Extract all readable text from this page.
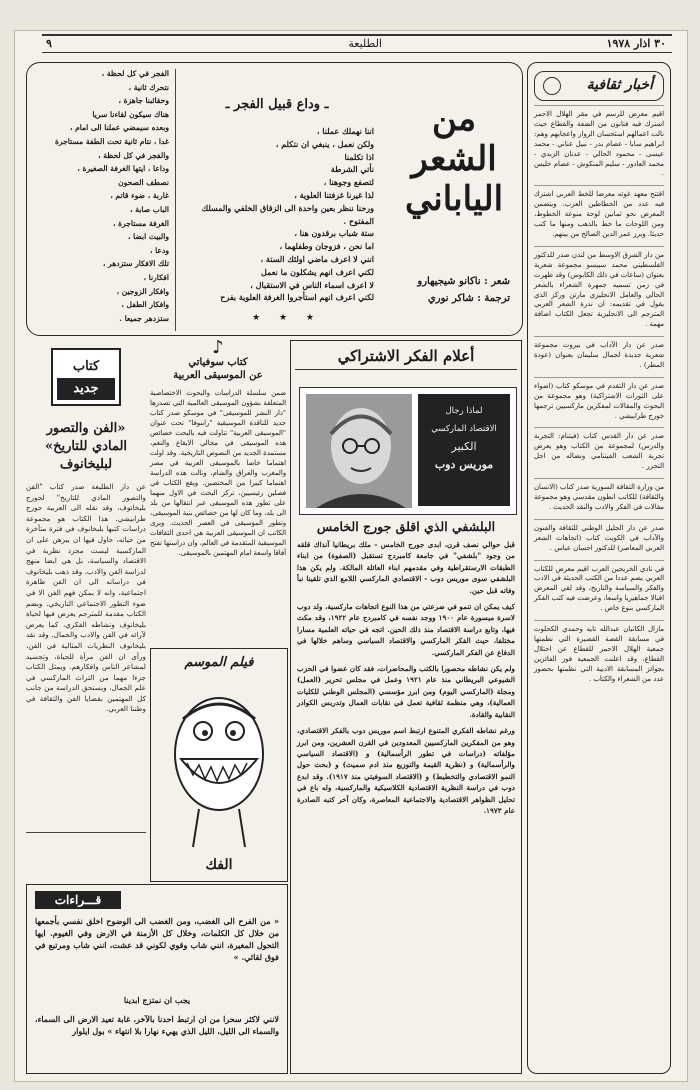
٣٠ اذار ١٩٧٨
الطليعة
٩
أخبار ثقافية
اقيم معرض للرسم في مقر الهلال الاحمر اشترك فيه فنانون من الضفة والقطاع حيث نالت اعمالهم استحسان الزوار واعجابهم وهم: ابراهيم سابا - عصام بدر - نبيل عناني - محمد عيسى - محمود الحالي - عدنان الزبدي - محمد العادور - سليم المنكوش - عصام خليس .
افتتح معهد غوته معرضا للخط العربي اشترك فيه عدد من الخطاطين العرب. ويتضمن المعرض نحو ثمانين لوحة منوعة الخطوط، ومن اللوحات ما خط بالذهب ومنها ما كتب حديثا. وبرز عمر الدين الصالح من بينهم.
من دار الشرق الاوسط من لندن صدر للدكتور الفلسطيني محمد سيبسو مجموعة شعرية بعنوان (ساعات في ذلك الكابوس) وقد ظهرت في زمن تسميه جمهرة الشعراء بالشعر الحالي والعامل الانجليزي مارتن وركز الذي يقول في تقديمه: ان ندرة الشعر العربي المترجم الى الانجليزية تجعل الكتاب اضافة مهمة .
صدر عن دار الآداب في بيروت مجموعة شعرية جديدة لجمال سليمان بعنوان (عودة المطر) .
صدر عن دار التقدم في موسكو كتاب (اضواء على الثورات الاشتراكية) وهو مجموعة من البحوث والمقالات لمفكرين ماركسيين ترجمها جورج طرابيشي .
صدر عن دار القدس كتاب (فيتنام: التجربة والدرس) لمجموعة من الكتاب وهو يعرض تجربة الشعب الفيتنامي ونضاله من اجل التحرر .
من وزارة الثقافة السورية صدر كتاب (الانسان والثقافة) للكاتب انطون مقدسي وهو مجموعة مقالات في الفكر والادب والنقد الحديث .
صدر عن دار الجليل الوطني للثقافة والفنون والآداب في الكويت كتاب (اتجاهات الشعر العربي المعاصر) للدكتور احسان عباس .
في نادي الخريجين العرب اقيم معرض للكتاب العربي يضم عددا من الكتب الحديثة في الادب والفكر والسياسة والتاريخ، وقد لقي المعرض اقبالا جماهيريا واسعا، وعرضت فيه كتب الفكر الماركسي بنوع خاص .
مازال الكاتبان عبدالله تايه وحمدي الكحلوت في مسابقة القصة القصيرة التي نظمتها جمعية الهلال الاحمر للقطاع عن احتلال القطاع، وقد اعلنت الجمعية فوز الفائزين بجوائز المسابقة الادبية التي نظمتها بحضور عدد من الشعراء والكتاب .
من
الشعر
الياباني
شعر : ناكانو شيجيهارو
ترجمة : شاكر نوري
ـ وداع قبيل الفجر ـ
اننا نهملك عملنا ،
ولكن نعمل ، ينبغي ان نتكلم ،
اذا تكلمنا
نأتي الشرطة
لتصفع وجوهنا ،
لذا غيرنا غرفتنا العلوية ،
ورحنا ننظر بعين واحدة الى الزقاق الخلفي والمسلك المفتوح .
ستة شباب برقدون هنا ،
اما نحن ، فزوجان وطفلهما ،
انني لا اعرف ماضي اولئك الستة ،
لكني اعرف انهم يشكلون ما نعمل
لا اعرف اسماء الناس في الاستقبال ،
لكني اعرف انهم استأجروا الغرفة العلوية بفرح
★ ★ ★
الفجر في كل لحظة ،
نتحرك ثانية ،
وحقائبنا جاهزة ،
هناك سيكون لقاءنا سريا
وبعده سيمضي عملنا الى امام ،
غدا ، نتام ثانية تحت الطفة مستاجرة
والفجر في كل لحظة ،
وداعا ، ايتها الغرفة الصغيرة ،
نصطف الصحون
غاربة ، ضوء قاتم ،
الباب صابة ،
الغرفة مستاجرة ،
والبيت ابضا ،
ودعا ،
تلك الافكار ستزدهر ،
افكارنا ،
وافكار الزوجين ،
وافكار الطفل ،
ستزدهر جميعا .
أعلام الفكر الاشتراكي
لماذا رجال
الاقتصاد الماركسي
الكبير
موريس دوب
البلشفي الذي اقلق جورج الخامس
قبل حوالي نصف قرن، ابدى جورج الخامس - ملك بريطانيا آنذاك قلقه من وجود "بلشفي" في جامعة كامبردج تستقبل (الصفوة) من ابناء الطبقات الارستقراطية وفي مقدمهم ابناء العائلة المالكة. ولم يكن هذا البلشفي سوى موريس دوب - الاقتصادي الماركسي اللامع الذي تلقينا نبأ وفاته قبل حين.
كيف يمكن ان تنمو في ضرعتي من هذا النوع اتجاهات ماركسية، ولد دوب لاسرة ميسورة عام ١٩٠٠ ووجد نفسه في كامبردج عام ١٩٢٢، وقد مكث فيها، وتابع دراسة الاقتصاد منذ ذلك الحين. اتجه في حياته العلمية مسارا مختلفا، حيث الفكر الماركسي والاقتصاد السياسي وساهم خلالها في الدفاع عن الفكر الماركسي.
ولم يكن نشاطه محصورا بالكتب والمحاضرات، فقد كان عضوا في الحزب الشيوعي البريطاني منذ عام ١٩٢١ وعمل في مجلس تحرير (العمل) ومجلة (الماركسي اليوم) ومن ابرز مؤسسي (المجلس الوطني للكليات العمالية)، وهي منظمة ثقافية تعمل في نقابات العمال وتدريس الكوادر النقابية والقادة.
ورغم نشاطه الفكري المتنوع ارتبط اسم موريس دوب بالفكر الاقتصادي، وهو من المفكرين الماركسيين المعدودين في القرن العشرين، ومن ابرز مؤلفاته (دراسات في تطور الرأسمالية) و (الاقتصاد السياسي والرأسمالية) و (نظرية القيمة والتوزيع منذ ادم سميث) و (بحث حول النمو الاقتصادي والتخطيط) و (الاقتصاد السوفيتي منذ ١٩١٧). وقد ابدع دوب في دراسة النظرية الاقتصادية الكلاسيكية والماركسية، وله باع في تحليل الظواهر الاقتصادية والاجتماعية المعاصرة، وكان آخر كتبه الصادرة عام ١٩٧٣.
♪
كتاب سوفياتي
عن الموسيقى العربية

ضمن سلسلة الدراسات والبحوث الاختصاصية المتعلقة بشؤون الموسيقى العالمية التي تصدرها "دار النشر للموسيقى" في موسكو صدر كتاب جديد للناقدة الموسيقية "رابنوفا" تحت عنوان "الموسيقى العربية" تناولت فيه بالبحث خصائص هذه الموسيقى في مجالي الايقاع والنغم، مستمدة الجديد من النصوص التاريخية. وقد اولت اهتماما خاصا بالموسيقى العربية في مصر والمغرب والعراق والشام، ونالت هذه الدراسة اهتماما كبيرا من المختصين. ويقع الكتاب في فصلين رئيسيين، تركز البحث في الاول منهما على تطور هذه الموسيقى عبر انتقالها من بلد الى بلد، وما كان لها من خصائص بنية الموسيقى، وتطور الموسيقى في العصر الحديث. ويرى الكاتب ان الموسيقى العربية هي احدى الثقافات الموسيقية المتقدمة في العالم، وان دراستها تفتح آفاقا واسعة امام المهتمين بالموسيقى.

كتاب
جديد
«الفن والتصور
المادي للتاريخ»
لبليخانوف

عن دار الطليعة صدر كتاب "الفن والتصور المادي للتاريخ" لجورج بليخانوف، وقد نقله الى العربية جورج طرابيشي. هذا الكتاب هو مجموعة دراسات كتبها بليخانوف في فترة متأخرة من حياته، حاول فيها ان يبرهن على ان الماركسية ليست مجرد نظرية في الاقتصاد والسياسة، بل هي ايضا منهج لدراسة الفن والادب. وقد ذهب بليخانوف في دراساته الى ان الفن ظاهرة اجتماعية، وانه لا يمكن فهم الفن الا في ضوء التطور الاجتماعي التاريخي. ويضم الكتاب مقدمة للمترجم يعرض فيها لحياة بليخانوف ونشاطه الفكري، كما يعرض لآرائه في الفن والادب والجمال. وقد نقد بليخانوف النظريات المثالية في الفن، ورأى ان الفن مرآة للحياة، وتجسيد لمشاعر الناس وافكارهم. ويمثل الكتاب جزءا مهما من التراث الماركسي في علم الجمال، ويستحق الدراسة من جانب كل المهتمين بقضايا الفن والثقافة في وطننا العربي.

فيلم الموسم
الفك
قـــراءات

« من الفرح الى الغضب، ومن الغضب الى الوضوح اخلق نفسي بأجمعها من خلال كل الكلمات، وخلال كل الأزمنة في الارض وفي الغيوم. ايها التحول المغيرة، انني شاب وقوي لكوني قد عشت، انني شاب ومرتبع في فوق لقائي. »

يجب ان نمتزج ابدينا

لانني لاكثر سحرا من ان ارتبط احدنا بالآخر، غابة تعيد الارض الى السماء، والسماء الى الليل، الليل الذي يهيء نهارا بلا انتهاء » بول ايلوار
